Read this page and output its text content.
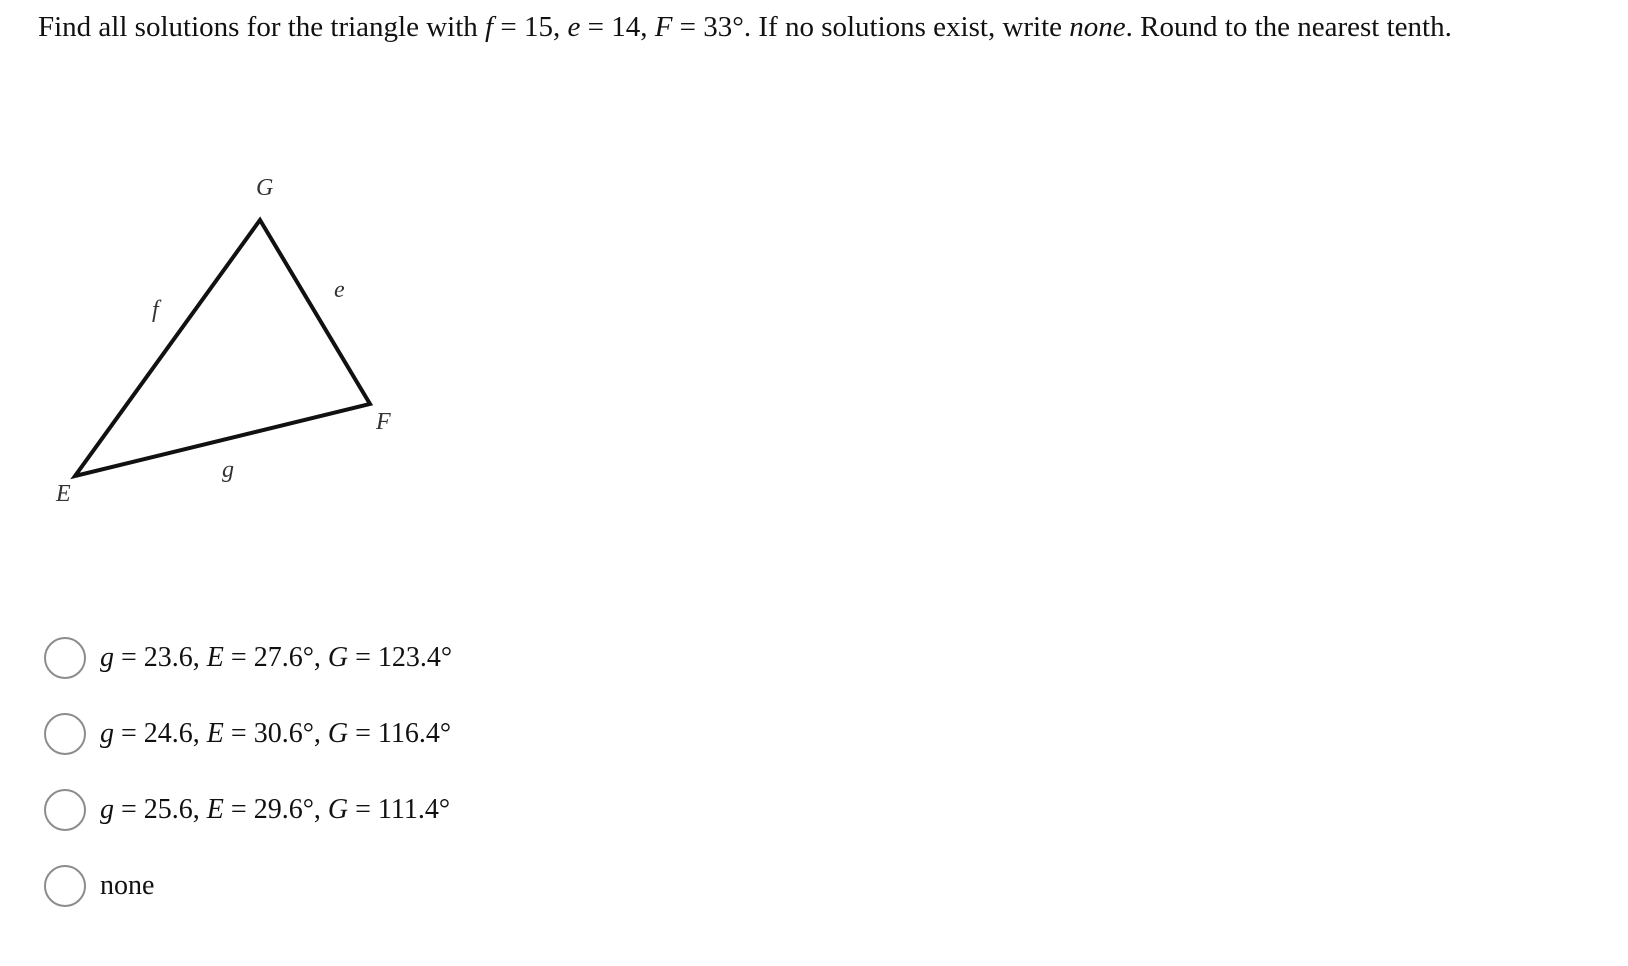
Find all solutions for the triangle with f = 15, e = 14, F = 33°. If no solutions exist, write none. Round to the nearest tenth.

G
E
F
f
e
g
g = 23.6, E = 27.6°, G = 123.4°
g = 24.6, E = 30.6°, G = 116.4°
g = 25.6, E = 29.6°, G = 111.4°
none
